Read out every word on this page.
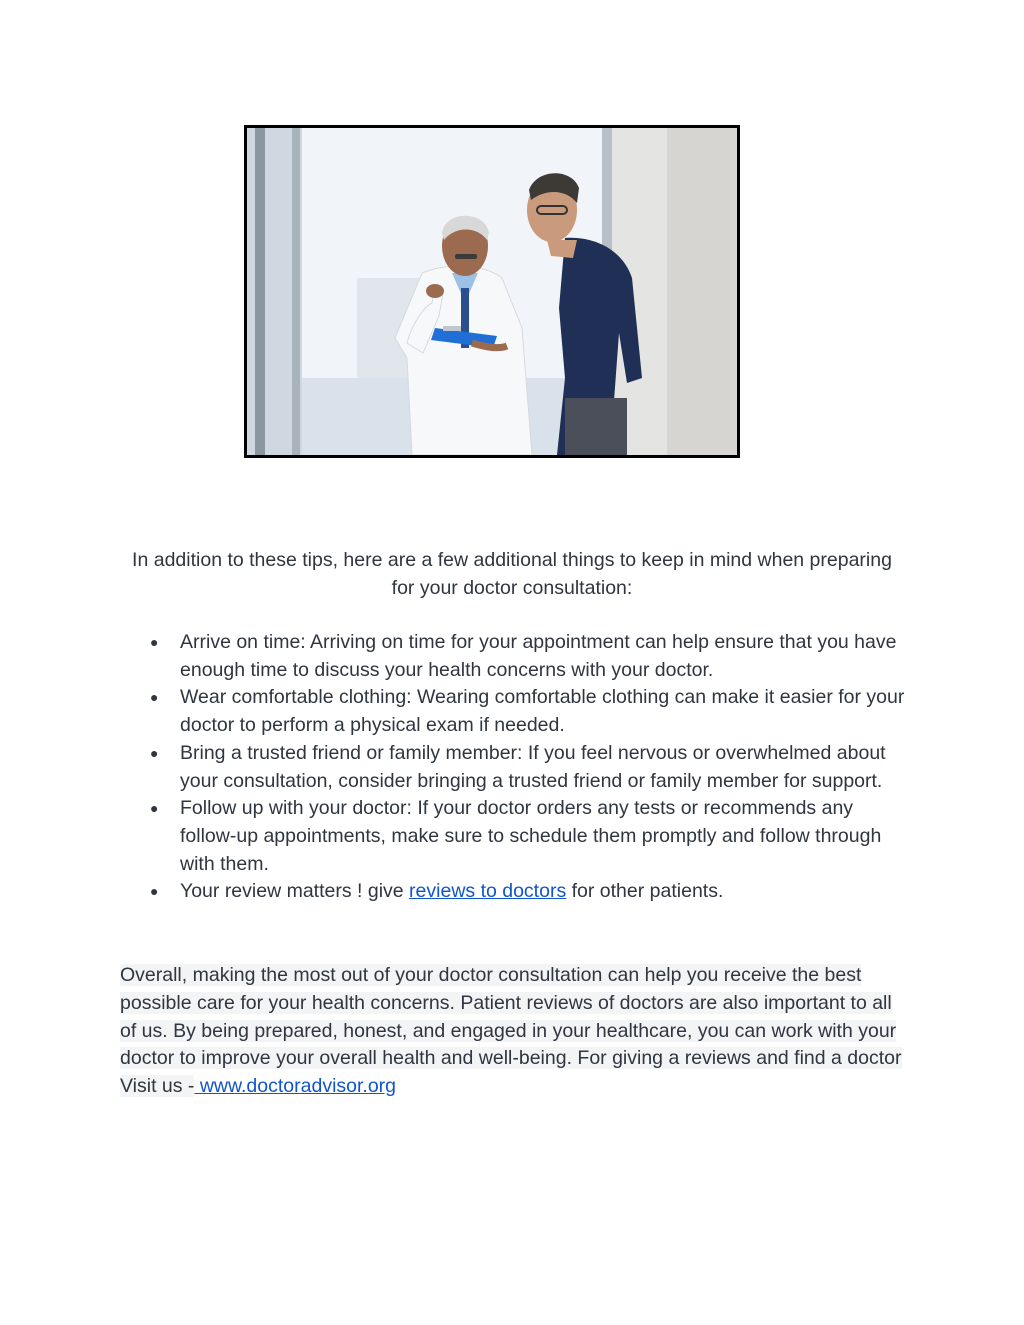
In addition to these tips, here are a few additional things to keep in mind when preparing for your doctor consultation:

●	Arrive on time: Arriving on time for your appointment can help ensure that you have enough time to discuss your health concerns with your doctor.
●	Wear comfortable clothing: Wearing comfortable clothing can make it easier for your doctor to perform a physical exam if needed.
●	Bring a trusted friend or family member: If you feel nervous or overwhelmed about your consultation, consider bringing a trusted friend or family member for support.
●	Follow up with your doctor: If your doctor orders any tests or recommends any follow-up appointments, make sure to schedule them promptly and follow through with them.
●	Your review matters ! give reviews to doctors for other patients.

Overall, making the most out of your doctor consultation can help you receive the best possible care for your health concerns. Patient reviews of doctors are also important to all of us. By being prepared, honest, and engaged in your healthcare, you can work with your doctor to improve your overall health and well-being. For giving a reviews and find a doctor Visit us - www.doctoradvisor.org
